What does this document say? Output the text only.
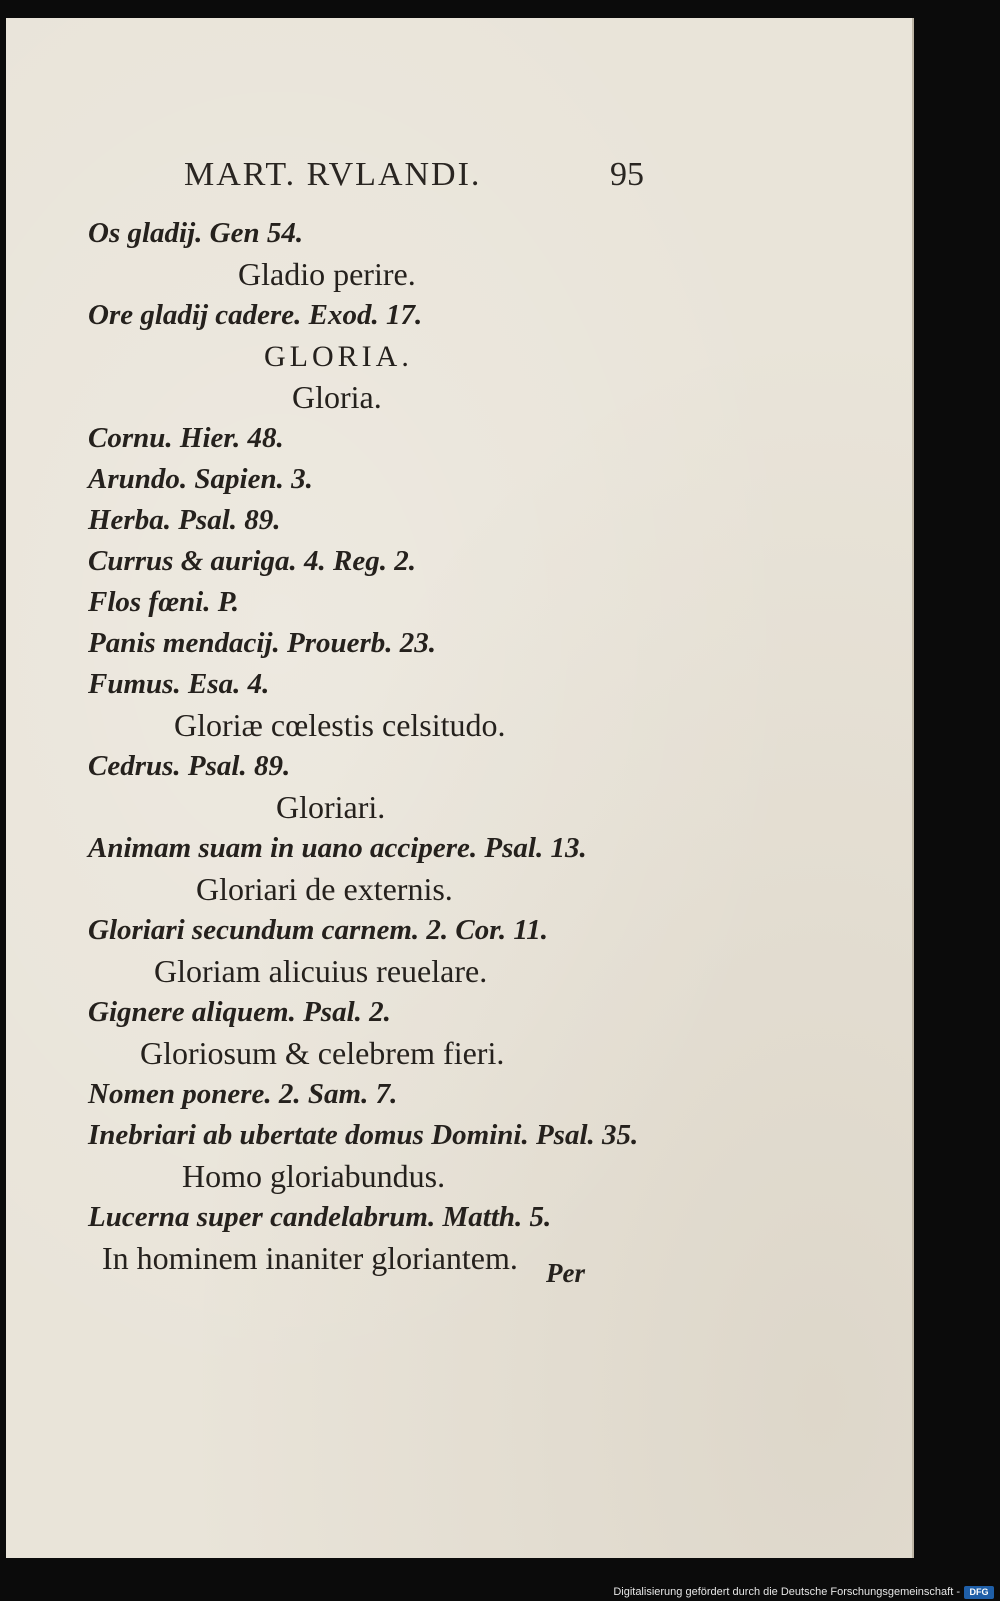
MART. RVLANDI.	95
Os gladij. Gen 54.
Gladio perire.
Ore gladij cadere. Exod. 17.
GLORIA.
Gloria.
Cornu. Hier. 48.
Arundo. Sapien. 3.
Herba. Psal. 89.
Currus & auriga. 4. Reg. 2.
Flos fœni. P.
Panis mendacij. Prouerb. 23.
Fumus. Esa. 4.
Gloriæ cœlestis celsitudo.
Cedrus. Psal. 89.
Gloriari.
Animam suam in uano accipere. Psal. 13.
Gloriari de externis.
Gloriari secundum carnem. 2. Cor. 11.
Gloriam alicuius reuelare.
Gignere aliquem. Psal. 2.
Gloriosum & celebrem fieri.
Nomen ponere. 2. Sam. 7.
Inebriari ab ubertate domus Domini. Psal. 35.
Homo gloriabundus.
Lucerna super candelabrum. Matth. 5.
In hominem inaniter gloriantem.	Per
Digitalisierung gefördert durch die Deutsche Forschungsgemeinschaft -	DFG
